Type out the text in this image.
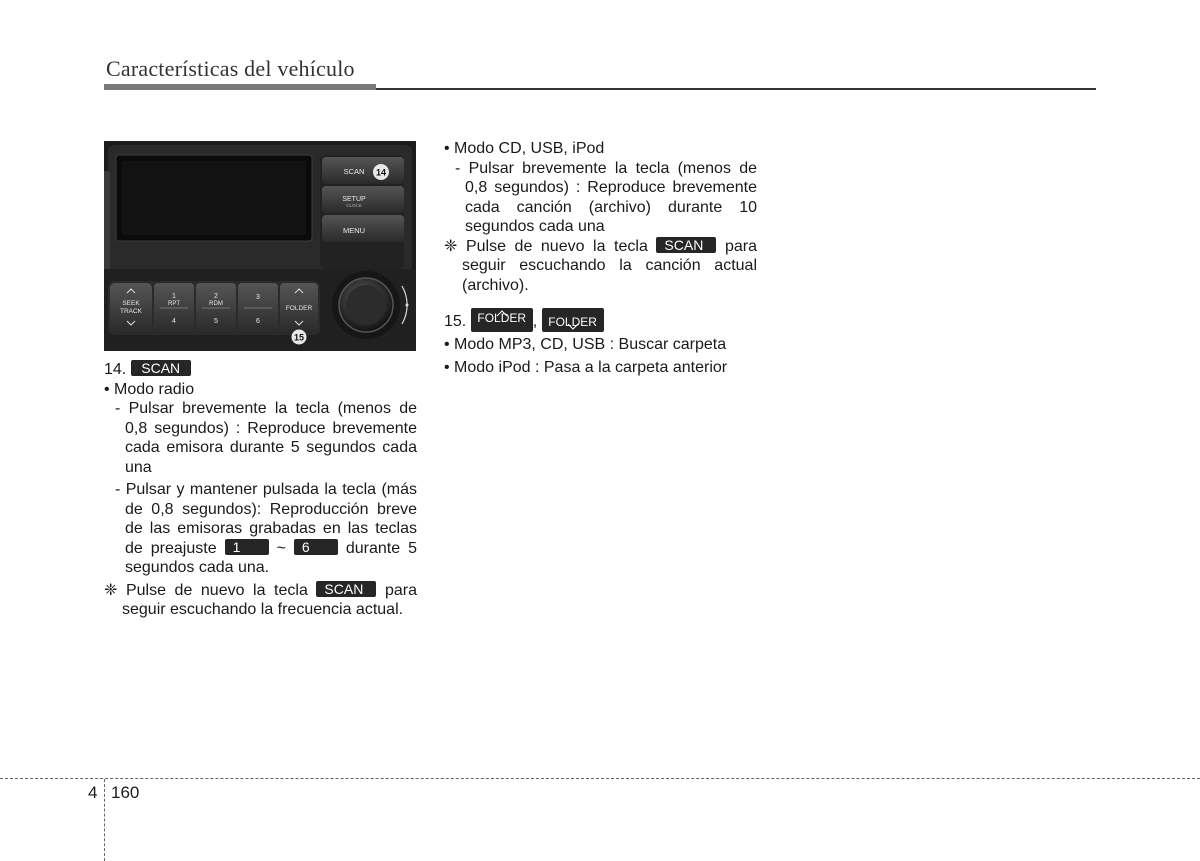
Características del vehículo
SCAN 14
SETUP
CLOCK
MENU
SEEK
TRACK
1
RPT
2
RDM
3
4	5	6
FOLDER
15

14. SCAN

• Modo radio

- Pulsar brevemente la tecla (menos de 0,8 segundos) : Reproduce brevemente cada emisora durante 5 segundos cada una

- Pulsar y mantener pulsada la tecla (más de 0,8 segundos): Reproducción breve de las emisoras grabadas en las teclas de preajuste 1 ~ 6 durante 5 segundos cada una.

❈ Pulse de nuevo la tecla SCAN para seguir escuchando la frecuencia actual.

• Modo CD, USB, iPod

- Pulsar brevemente la tecla (menos de 0,8 segundos) : Reproduce brevemente cada canción (archivo) durante 10 segundos cada una

❈ Pulse de nuevo la tecla SCAN para seguir escuchando la canción actual (archivo).

15. FOLDER , FOLDER

• Modo MP3, CD, USB : Buscar carpeta

• Modo iPod : Pasa a la carpeta anterior

4 160
